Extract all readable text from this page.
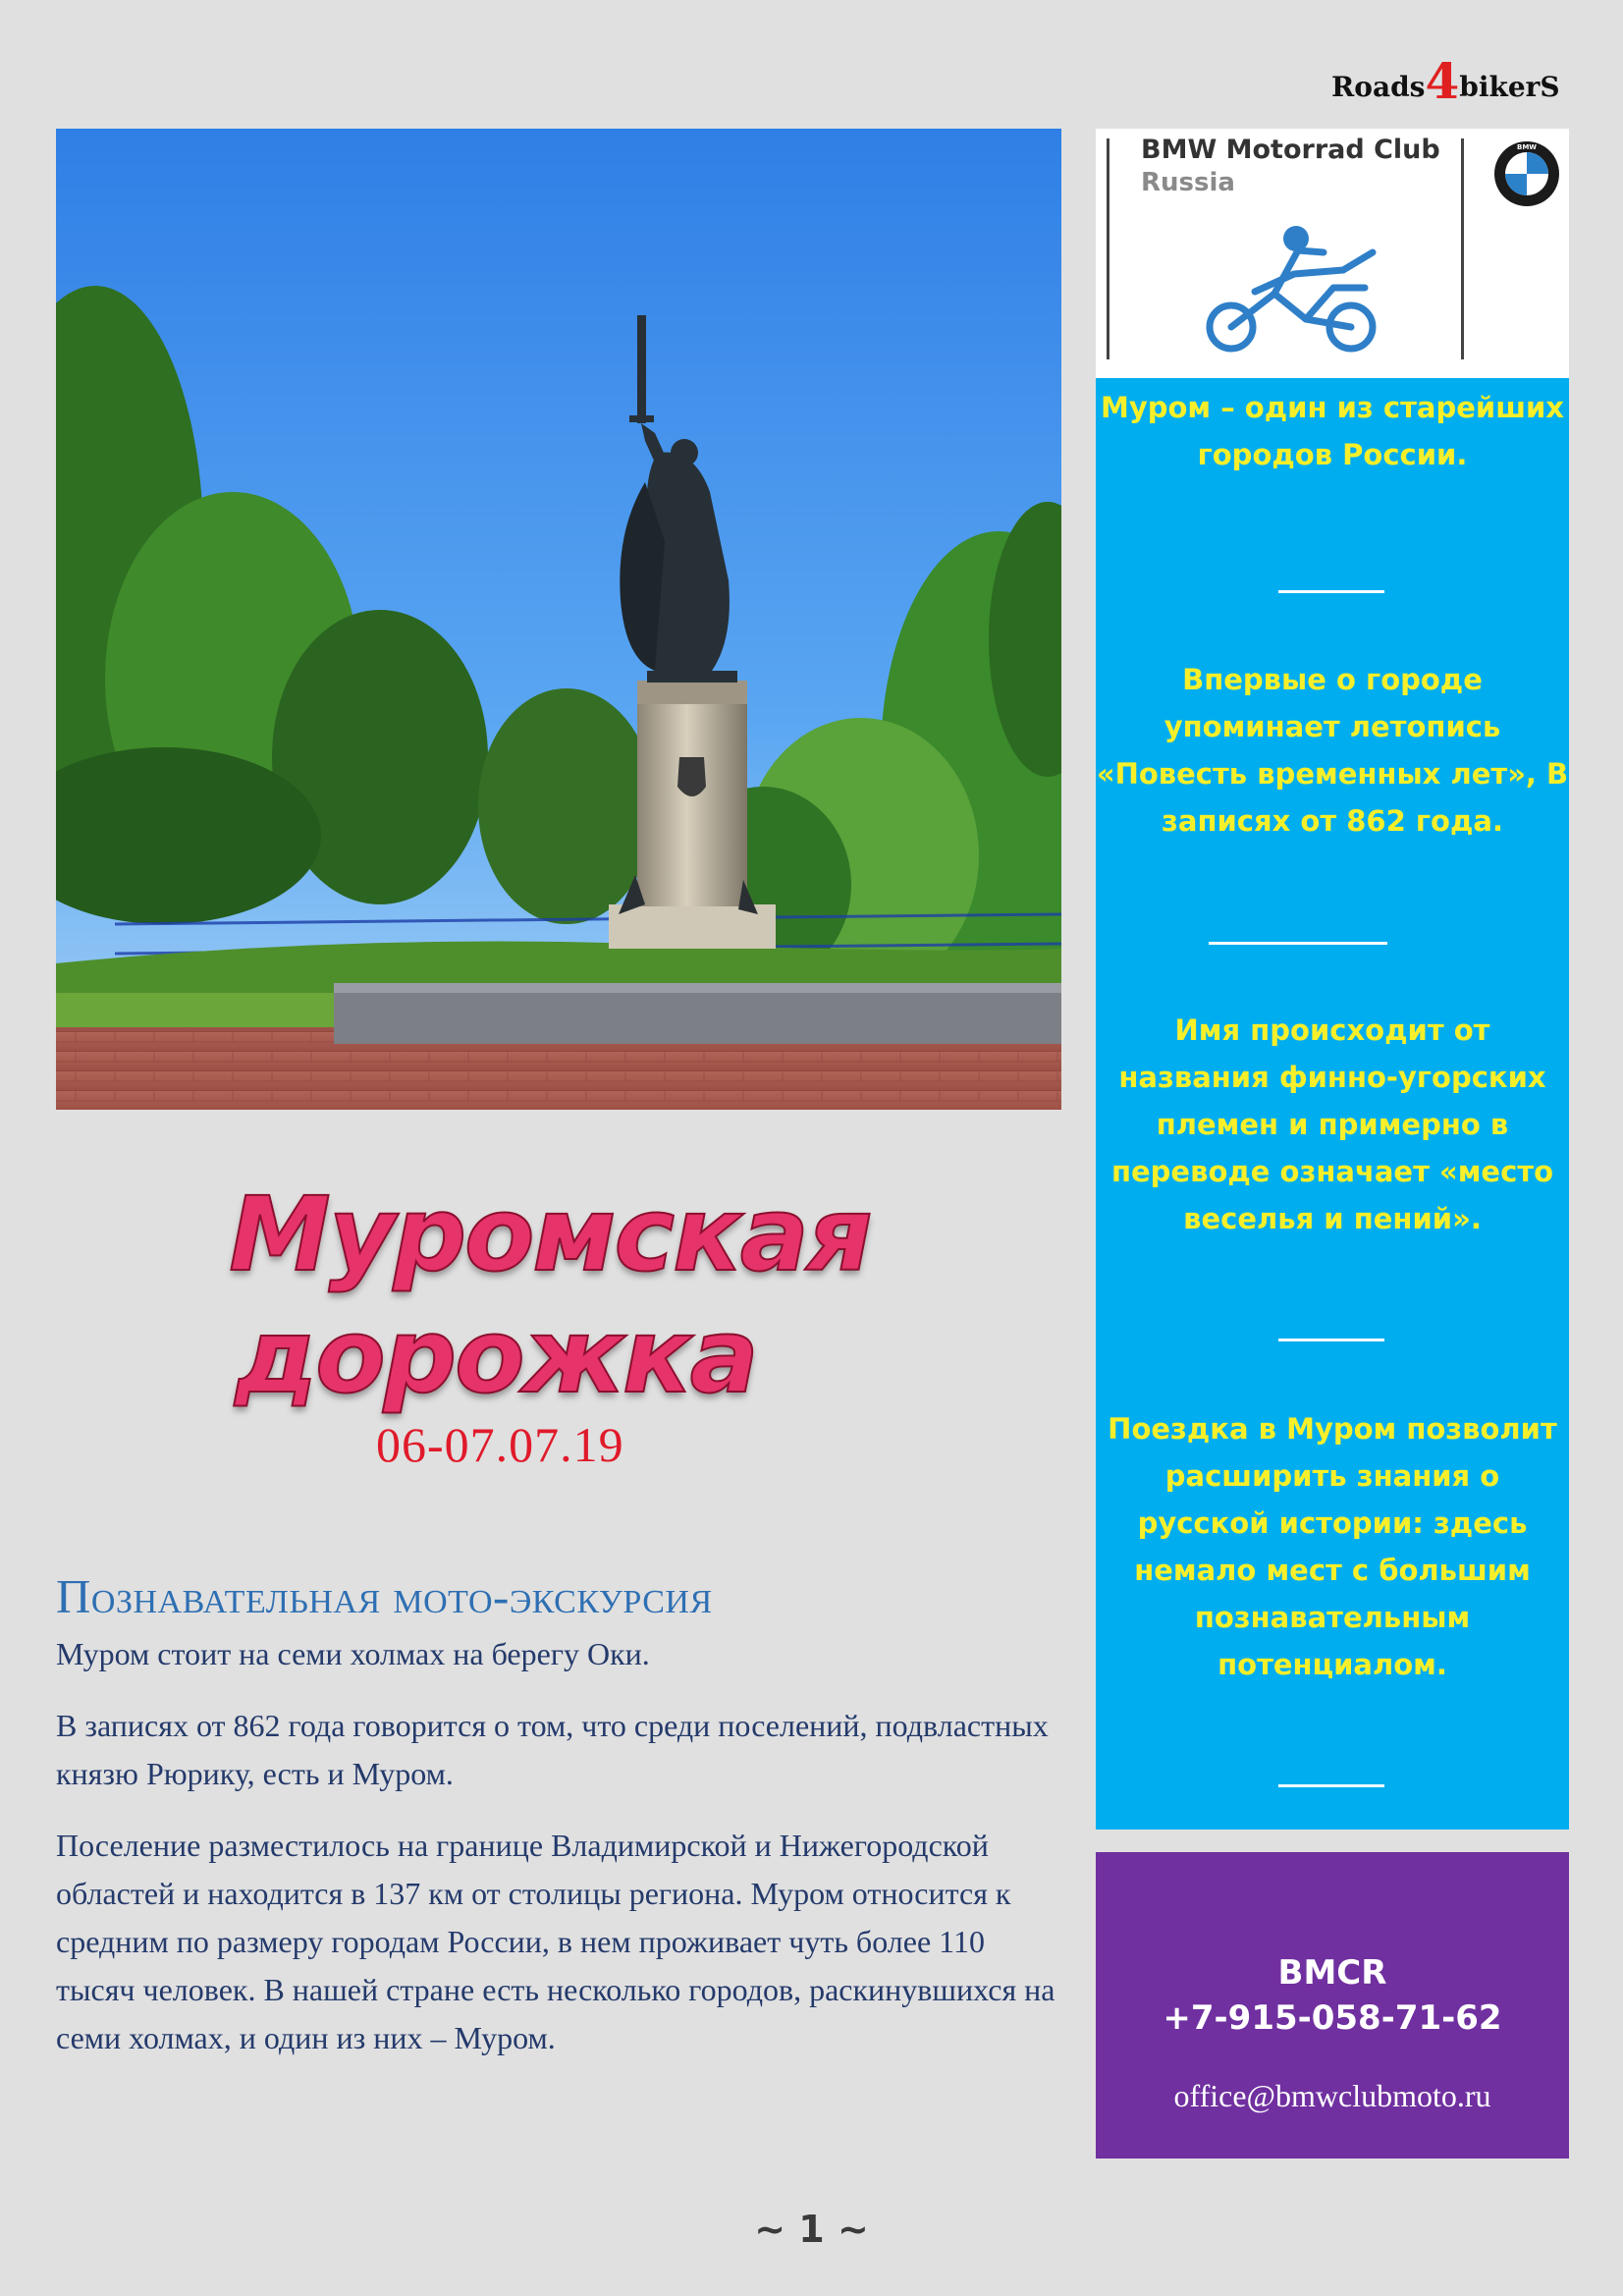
Roads4bikerS
Муромская
дорожка
06-07.07.19
Познавательная мото-экскурсия

Муром стоит на семи холмах на берегу Оки.

В записях от 862 года говорится о том, что среди поселений, подвластных князю Рюрику, есть и Муром.

Поселение разместилось на границе Владимирской и Нижегородской областей и находится в 137 км от столицы региона. Муром относится к средним по размеру городам России, в нем проживает чуть более 110 тысяч человек. В нашей стране есть несколько городов, раскинувшихся на семи холмах, и один из них – Муром.

BMW Motorrad Club
Russia
BMW
Муром – один из старейших городов России.
Впервые о городе упоминает летопись «Повесть временных лет», В записях от 862 года.
Имя происходит от названия финно-угорских племен и примерно в переводе означает «место веселья и пений».
Поездка в Муром позволит расширить знания о русской истории: здесь немало мест с большим познавательным потенциалом.
BMCR
+7-915-058-71-62
office@bmwclubmoto.ru
~ 1 ~
